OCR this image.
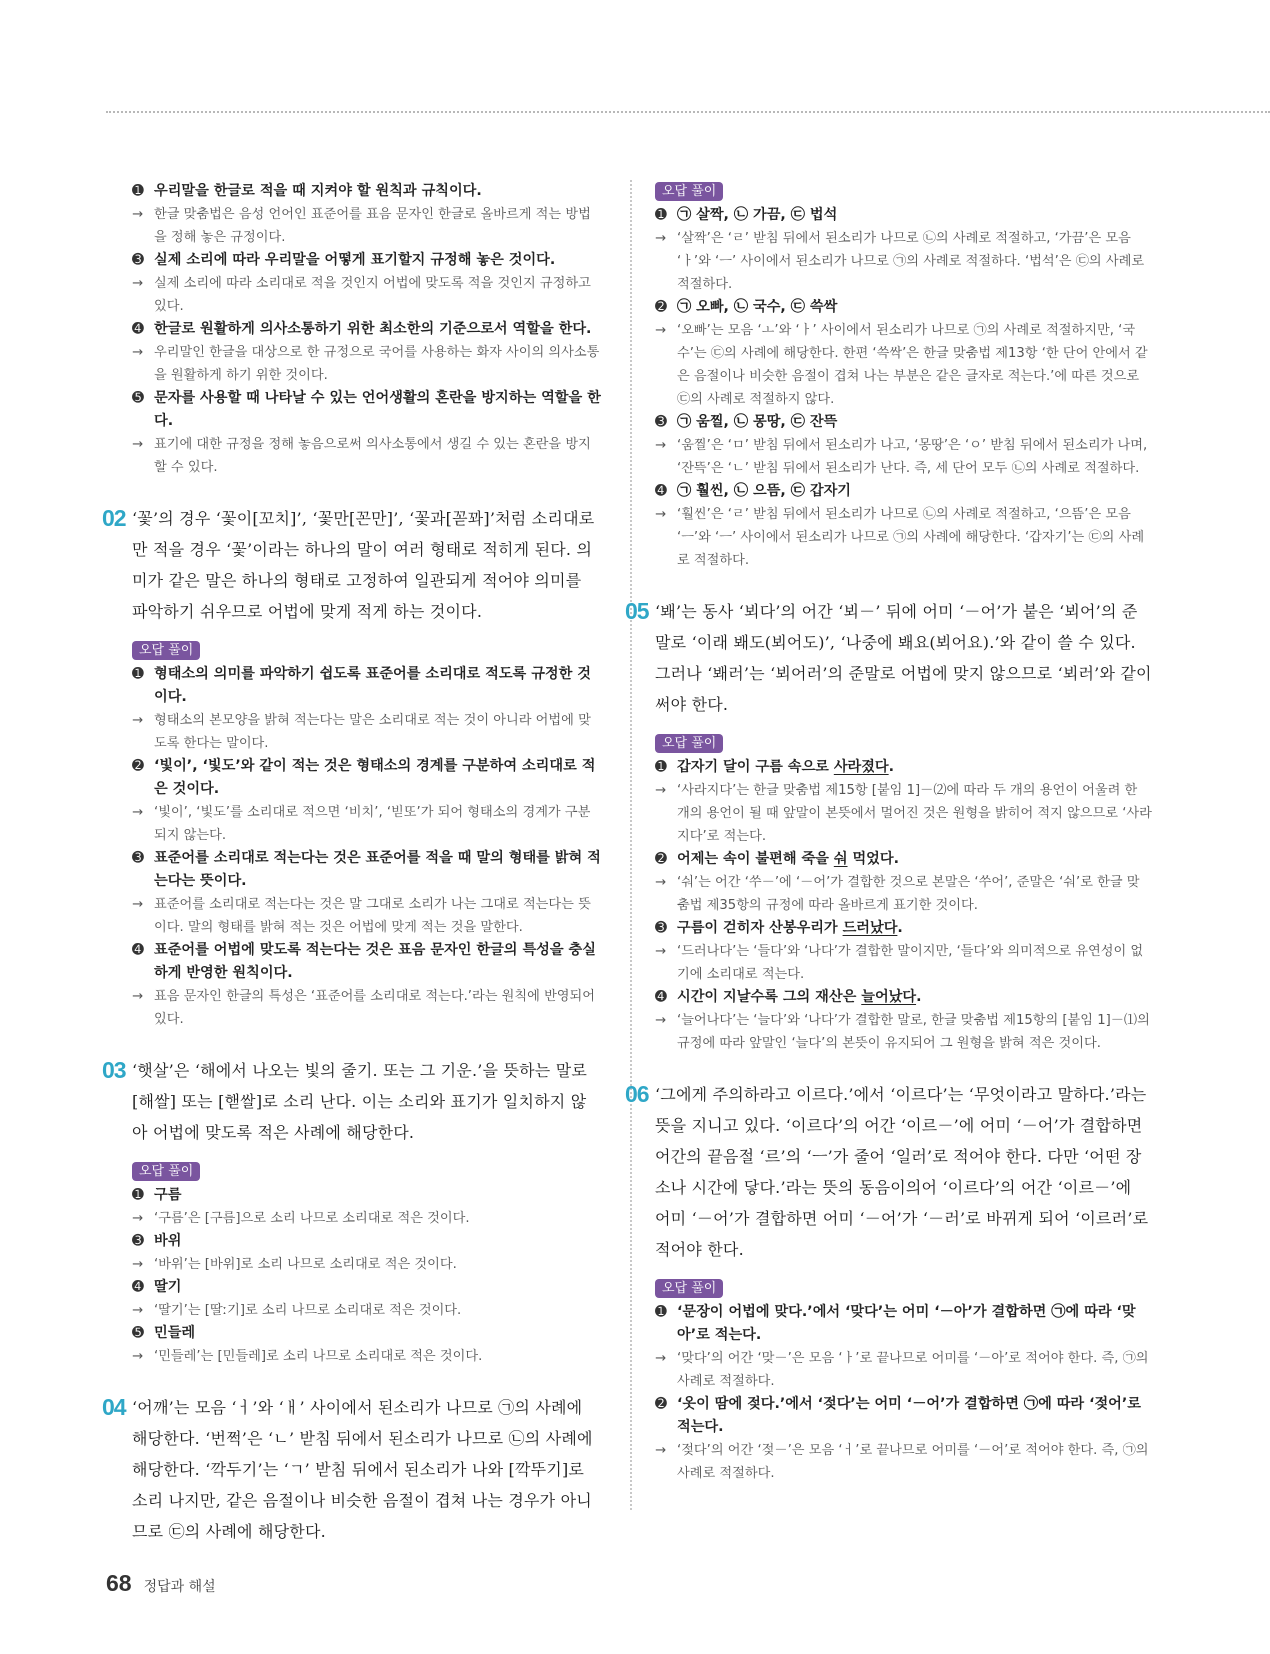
➊ 우리말을 한글로 적을 때 지켜야 할 원칙과 규칙이다.

→ 한글 맞춤법은 음성 언어인 표준어를 표음 문자인 한글로 올바르게 적는 방법을 정해 놓은 규정이다.

➌ 실제 소리에 따라 우리말을 어떻게 표기할지 규정해 놓은 것이다.

→ 실제 소리에 따라 소리대로 적을 것인지 어법에 맞도록 적을 것인지 규정하고 있다.

➍ 한글로 원활하게 의사소통하기 위한 최소한의 기준으로서 역할을 한다.

→ 우리말인 한글을 대상으로 한 규정으로 국어를 사용하는 화자 사이의 의사소통을 원활하게 하기 위한 것이다.

➎ 문자를 사용할 때 나타날 수 있는 언어생활의 혼란을 방지하는 역할을 한다.

→ 표기에 대한 규정을 정해 놓음으로써 의사소통에서 생길 수 있는 혼란을 방지할 수 있다.

02 ‘꽃’의 경우 ‘꽃이[꼬치]’, ‘꽃만[꼰만]’, ‘꽃과[꼳꽈]’처럼 소리대로만 적을 경우 ‘꽃’이라는 하나의 말이 여러 형태로 적히게 된다. 의미가 같은 말은 하나의 형태로 고정하여 일관되게 적어야 의미를 파악하기 쉬우므로 어법에 맞게 적게 하는 것이다.

오답 풀이

➊ 형태소의 의미를 파악하기 쉽도록 표준어를 소리대로 적도록 규정한 것이다.

→ 형태소의 본모양을 밝혀 적는다는 말은 소리대로 적는 것이 아니라 어법에 맞도록 한다는 말이다.

➋ ‘빛이’, ‘빛도’와 같이 적는 것은 형태소의 경계를 구분하여 소리대로 적은 것이다.

→ ‘빛이’, ‘빛도’를 소리대로 적으면 ‘비치’, ‘빋또’가 되어 형태소의 경계가 구분되지 않는다.

➌ 표준어를 소리대로 적는다는 것은 표준어를 적을 때 말의 형태를 밝혀 적는다는 뜻이다.

→ 표준어를 소리대로 적는다는 것은 말 그대로 소리가 나는 그대로 적는다는 뜻이다. 말의 형태를 밝혀 적는 것은 어법에 맞게 적는 것을 말한다.

➍ 표준어를 어법에 맞도록 적는다는 것은 표음 문자인 한글의 특성을 충실하게 반영한 원칙이다.

→ 표음 문자인 한글의 특성은 ‘표준어를 소리대로 적는다.’라는 원칙에 반영되어 있다.

03 ‘햇살’은 ‘해에서 나오는 빛의 줄기. 또는 그 기운.’을 뜻하는 말로 [해쌀] 또는 [핻쌀]로 소리 난다. 이는 소리와 표기가 일치하지 않아 어법에 맞도록 적은 사례에 해당한다.

오답 풀이

➊ 구름

→ ‘구름’은 [구름]으로 소리 나므로 소리대로 적은 것이다.

➌ 바위

→ ‘바위’는 [바위]로 소리 나므로 소리대로 적은 것이다.

➍ 딸기

→ ‘딸기’는 [딸ː기]로 소리 나므로 소리대로 적은 것이다.

➎ 민들레

→ ‘민들레’는 [민들레]로 소리 나므로 소리대로 적은 것이다.

04 ‘어깨’는 모음 ‘ㅓ’와 ‘ㅐ’ 사이에서 된소리가 나므로 ㉠의 사례에 해당한다. ‘번쩍’은 ‘ㄴ’ 받침 뒤에서 된소리가 나므로 ㉡의 사례에 해당한다. ‘깍두기’는 ‘ㄱ’ 받침 뒤에서 된소리가 나와 [깍뚜기]로 소리 나지만, 같은 음절이나 비슷한 음절이 겹쳐 나는 경우가 아니므로 ㉢의 사례에 해당한다.

오답 풀이

➊ ㉠ 살짝, ㉡ 가끔, ㉢ 법석

→ ‘살짝’은 ‘ㄹ’ 받침 뒤에서 된소리가 나므로 ㉡의 사례로 적절하고, ‘가끔’은 모음 ‘ㅏ’와 ‘ㅡ’ 사이에서 된소리가 나므로 ㉠의 사례로 적절하다. ‘법석’은 ㉢의 사례로 적절하다.

➋ ㉠ 오빠, ㉡ 국수, ㉢ 쓱싹

→ ‘오빠’는 모음 ‘ㅗ’와 ‘ㅏ’ 사이에서 된소리가 나므로 ㉠의 사례로 적절하지만, ‘국수’는 ㉢의 사례에 해당한다. 한편 ‘쓱싹’은 한글 맞춤법 제13항 ‘한 단어 안에서 같은 음절이나 비슷한 음절이 겹쳐 나는 부분은 같은 글자로 적는다.’에 따른 것으로 ㉢의 사례로 적절하지 않다.

➌ ㉠ 움찔, ㉡ 몽땅, ㉢ 잔뜩

→ ‘움찔’은 ‘ㅁ’ 받침 뒤에서 된소리가 나고, ‘몽땅’은 ‘ㅇ’ 받침 뒤에서 된소리가 나며, ‘잔뜩’은 ‘ㄴ’ 받침 뒤에서 된소리가 난다. 즉, 세 단어 모두 ㉡의 사례로 적절하다.

➍ ㉠ 훨씬, ㉡ 으뜸, ㉢ 갑자기

→ ‘훨씬’은 ‘ㄹ’ 받침 뒤에서 된소리가 나므로 ㉡의 사례로 적절하고, ‘으뜸’은 모음 ‘ㅡ’와 ‘ㅡ’ 사이에서 된소리가 나므로 ㉠의 사례에 해당한다. ‘갑자기’는 ㉢의 사례로 적절하다.

05 ‘봬’는 동사 ‘뵈다’의 어간 ‘뵈－’ 뒤에 어미 ‘－어’가 붙은 ‘뵈어’의 준말로 ‘이래 봬도(뵈어도)’, ‘나중에 봬요(뵈어요).’와 같이 쓸 수 있다. 그러나 ‘봬러’는 ‘뵈어러’의 준말로 어법에 맞지 않으므로 ‘뵈러’와 같이 써야 한다.

오답 풀이

➊ 갑자기 달이 구름 속으로 사라졌다.

→ ‘사라지다’는 한글 맞춤법 제15항 [붙임 1]－⑵에 따라 두 개의 용언이 어울려 한 개의 용언이 될 때 앞말이 본뜻에서 멀어진 것은 원형을 밝히어 적지 않으므로 ‘사라지다’로 적는다.

➋ 어제는 속이 불편해 죽을 숴 먹었다.

→ ‘숴’는 어간 ‘쑤－’에 ‘－어’가 결합한 것으로 본말은 ‘쑤어’, 준말은 ‘숴’로 한글 맞춤법 제35항의 규정에 따라 올바르게 표기한 것이다.

➌ 구름이 걷히자 산봉우리가 드러났다.

→ ‘드러나다’는 ‘들다’와 ‘나다’가 결합한 말이지만, ‘들다’와 의미적으로 유연성이 없기에 소리대로 적는다.

➍ 시간이 지날수록 그의 재산은 늘어났다.

→ ‘늘어나다’는 ‘늘다’와 ‘나다’가 결합한 말로, 한글 맞춤법 제15항의 [붙임 1]－⑴의 규정에 따라 앞말인 ‘늘다’의 본뜻이 유지되어 그 원형을 밝혀 적은 것이다.

06 ‘그에게 주의하라고 이르다.’에서 ‘이르다’는 ‘무엇이라고 말하다.’라는 뜻을 지니고 있다. ‘이르다’의 어간 ‘이르－’에 어미 ‘－어’가 결합하면 어간의 끝음절 ‘르’의 ‘ㅡ’가 줄어 ‘일러’로 적어야 한다. 다만 ‘어떤 장소나 시간에 닿다.’라는 뜻의 동음이의어 ‘이르다’의 어간 ‘이르－’에 어미 ‘－어’가 결합하면 어미 ‘－어’가 ‘－러’로 바뀌게 되어 ‘이르러’로 적어야 한다.

오답 풀이

➊ ‘문장이 어법에 맞다.’에서 ‘맞다’는 어미 ‘－아’가 결합하면 ㉠에 따라 ‘맞아’로 적는다.

→ ‘맞다’의 어간 ‘맞－’은 모음 ‘ㅏ’로 끝나므로 어미를 ‘－아’로 적어야 한다. 즉, ㉠의 사례로 적절하다.

➋ ‘옷이 땀에 젖다.’에서 ‘젖다’는 어미 ‘－어’가 결합하면 ㉠에 따라 ‘젖어’로 적는다.

→ ‘젖다’의 어간 ‘젖－’은 모음 ‘ㅓ’로 끝나므로 어미를 ‘－어’로 적어야 한다. 즉, ㉠의 사례로 적절하다.

68 정답과 해설
